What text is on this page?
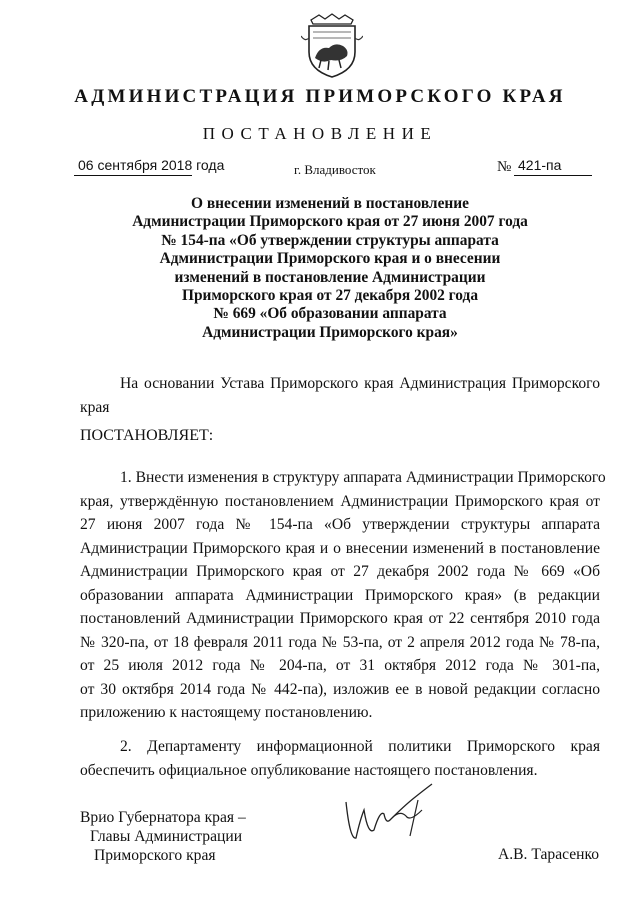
АДМИНИСТРАЦИЯ ПРИМОРСКОГО КРАЯ
ПОСТАНОВЛЕНИЕ
06 сентября 2018 года	г. Владивосток	№ 421-па
О внесении изменений в постановление
Администрации Приморского края от 27 июня 2007 года
№ 154-па «Об утверждении структуры аппарата
Администрации Приморского края и о внесении
изменений в постановление Администрации
Приморского края от 27 декабря 2002 года
№ 669 «Об образовании аппарата
Администрации Приморского края»
На основании Устава Приморского края Администрация Приморского
края
ПОСТАНОВЛЯЕТ:
1. Внести изменения в структуру аппарата Администрации Приморского
края, утверждённую постановлением Администрации Приморского края от
27 июня 2007 года № 154-па «Об утверждении структуры аппарата
Администрации Приморского края и о внесении изменений в постановление
Администрации Приморского края от 27 декабря 2002 года № 669 «Об
образовании аппарата Администрации Приморского края» (в редакции
постановлений Администрации Приморского края от 22 сентября 2010 года
№ 320-па, от 18 февраля 2011 года № 53-па, от 2 апреля 2012 года № 78-па,
от 25 июля 2012 года № 204-па, от 31 октября 2012 года № 301-па,
от 30 октября 2014 года № 442-па), изложив ее в новой редакции согласно
приложению к настоящему постановлению.
2. Департаменту информационной политики Приморского края
обеспечить официальное опубликование настоящего постановления.
Врио Губернатора края –
Главы Администрации
Приморского края	А.В. Тарасенко
